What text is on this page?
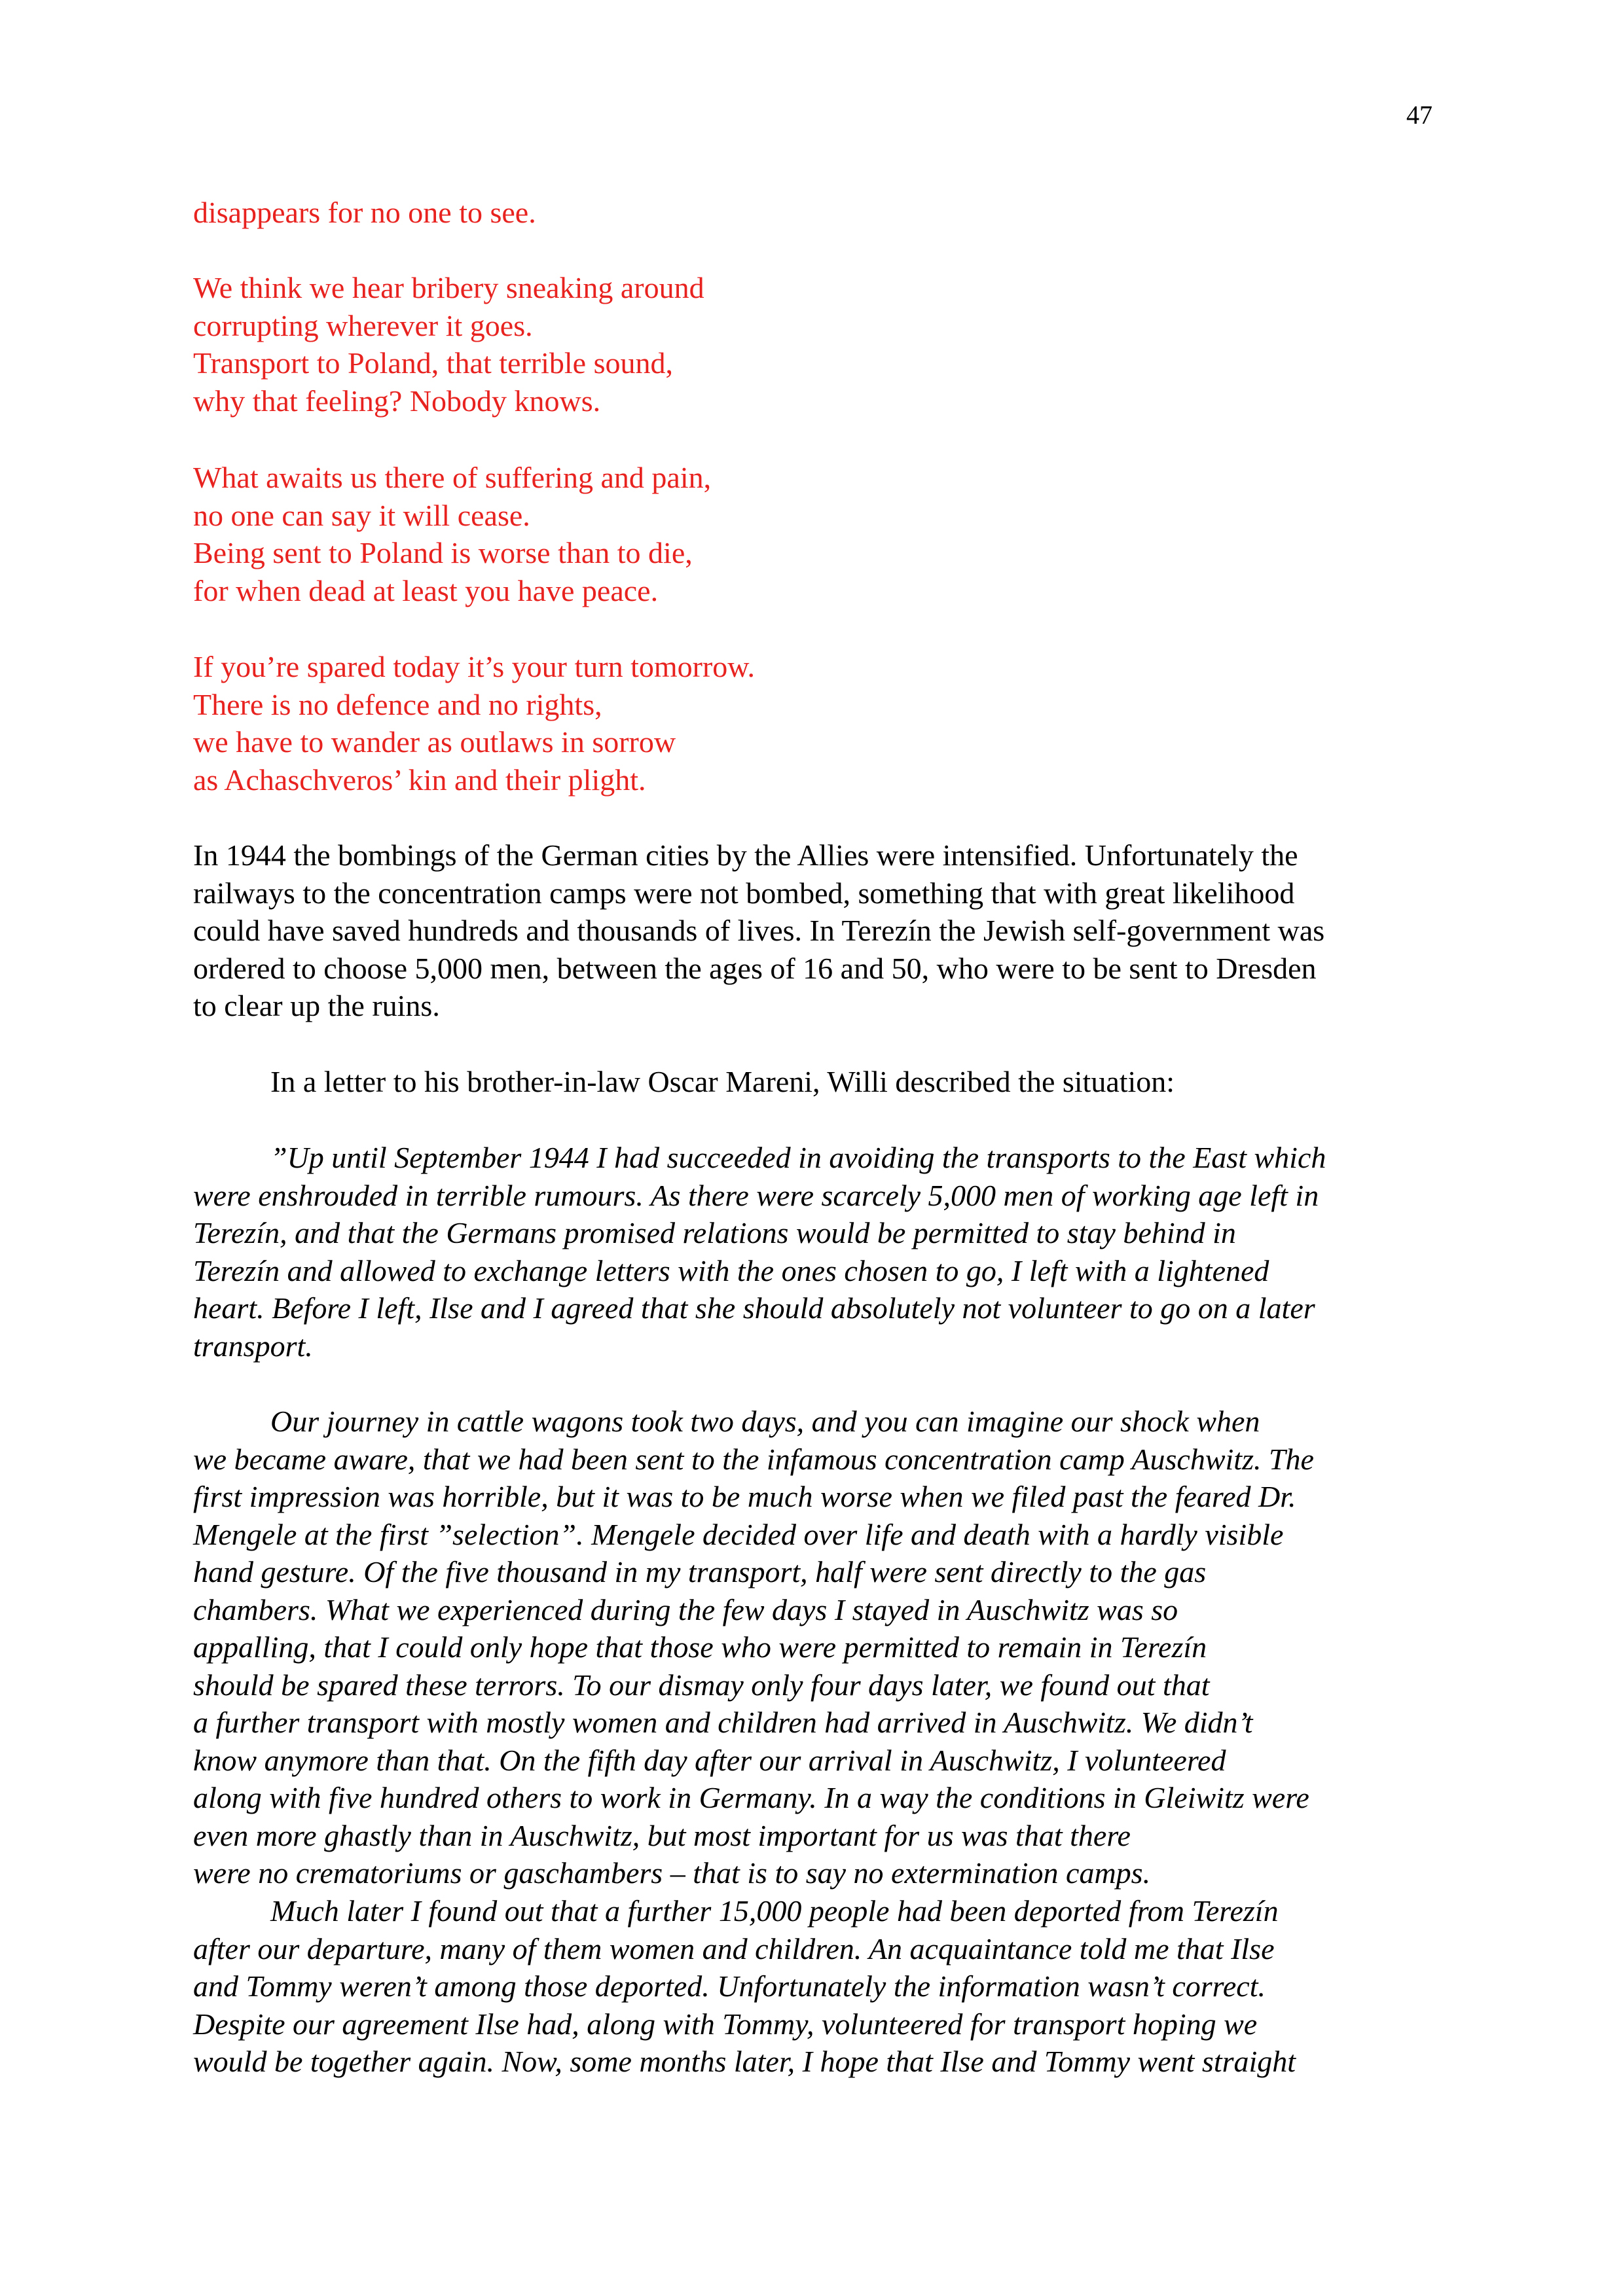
47
disappears for no one to see.
We think we hear bribery sneaking around
corrupting wherever it goes.
Transport to Poland, that terrible sound,
why that feeling? Nobody knows.
What awaits us there of suffering and pain,
no one can say it will cease.
Being sent to Poland is worse than to die,
for when dead at least you have peace.
If you’re spared today it’s your turn tomorrow.
There is no defence and no rights,
we have to wander as outlaws in sorrow
as Achaschveros’ kin and their plight.
In 1944 the bombings of the German cities by the Allies were intensified. Unfortunately the
railways to the concentration camps were not bombed, something that with great likelihood
could have saved hundreds and thousands of lives. In Terezín the Jewish self-government was
ordered to choose 5,000 men, between the ages of 16 and 50, who were to be sent to Dresden
to clear up the ruins.
In a letter to his brother-in-law Oscar Mareni, Willi described the situation:
”Up until September 1944 I had succeeded in avoiding the transports to the East which
were enshrouded in terrible rumours. As there were scarcely 5,000 men of working age left in
Terezín, and that the Germans promised relations would be permitted to stay behind in
Terezín and allowed to exchange letters with the ones chosen to go, I left with a lightened
heart. Before I left, Ilse and I agreed that she should absolutely not volunteer to go on a later
transport.
Our journey in cattle wagons took two days, and you can imagine our shock when
we became aware, that we had been sent to the infamous concentration camp Auschwitz. The
first impression was horrible, but it was to be much worse when we filed past the feared Dr.
Mengele at the first ”selection”. Mengele decided over life and death with a hardly visible
hand gesture. Of the five thousand in my transport, half were sent directly to the gas
chambers. What we experienced during the few days I stayed in Auschwitz was so
appalling, that I could only hope that those who were permitted to remain in Terezín
should be spared these terrors. To our dismay only four days later, we found out that
a further transport with mostly women and children had arrived in Auschwitz. We didn’t
know anymore than that. On the fifth day after our arrival in Auschwitz, I volunteered
along with five hundred others to work in Germany. In a way the conditions in Gleiwitz were
even more ghastly than in Auschwitz, but most important for us was that there
were no crematoriums or gaschambers – that is to say no extermination camps.
Much later I found out that a further 15,000 people had been deported from Terezín
after our departure, many of them women and children. An acquaintance told me that Ilse
and Tommy weren’t among those deported. Unfortunately the information wasn’t correct.
Despite our agreement Ilse had, along with Tommy, volunteered for transport hoping we
would be together again. Now, some months later, I hope that Ilse and Tommy went straight
